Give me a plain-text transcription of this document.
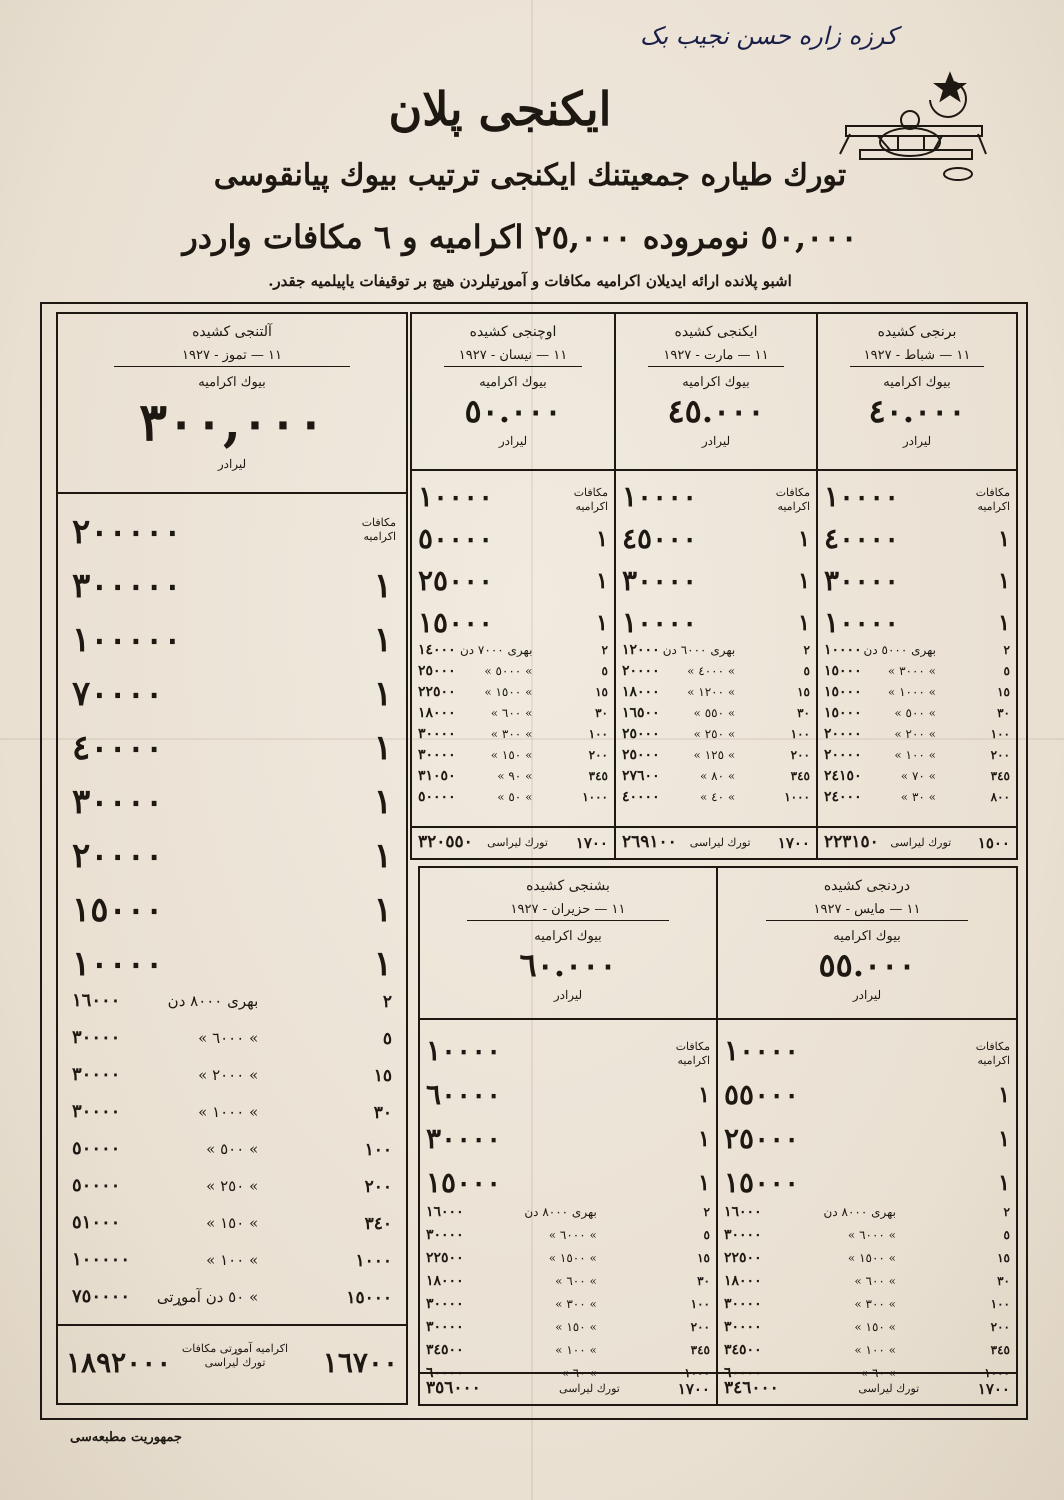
کرزه زاره حسن نجیب بک
ایکنجی پلان
تورك طیاره جمعیتنك ایکنجی ترتیب بیوك پیانقوسی
٥٠,٠٠٠ نومروده ٢٥,٠٠٠ اکرامیه و ٦ مکافات واردر
اشبو پلانده ارائه ایدیلان اکرامیه مکافات و آموړتیلردن هیچ بر توقیفات یاپیلمیه جقدر.
آلتنجی کشیده
١١ — تموز - ١٩٢٧
بیوك اکرامیه
٣٠٠,٠٠٠
لیرادر
مکافات اکرامیه
٢٠٠٠٠٠
١
٣٠٠٠٠٠
١
١٠٠٠٠٠
١
٧٠٠٠٠
١
٤٠٠٠٠
١
٣٠٠٠٠
١
٢٠٠٠٠
١
١٥٠٠٠
١
١٠٠٠٠
٢
بهری ٨٠٠٠ دن
١٦٠٠٠
٥
» ٦٠٠٠ »
٣٠٠٠٠
١٥
» ٢٠٠٠ »
٣٠٠٠٠
٣٠
» ١٠٠٠ »
٣٠٠٠٠
١٠٠
» ٥٠٠ »
٥٠٠٠٠
٢٠٠
» ٢٥٠ »
٥٠٠٠٠
٣٤٠
» ١٥٠ »
٥١٠٠٠
١٠٠٠
» ١٠٠ »
١٠٠٠٠٠
١٥٠٠٠
» ٥٠ دن آموړتی
٧٥٠٠٠٠
١٦٧٠٠
اکرامیه آموړتی مکافات تورك لیراسی
١٨٩٢٠٠٠
برنجی کشیده
١١ — شباط - ١٩٢٧
بیوك اکرامیه
٤٠.٠٠٠
لیرادر
مکافات اکرامیه
١٠٠٠٠
١
٤٠٠٠٠
١
٣٠٠٠٠
١
١٠٠٠٠
٢
بهری ٥٠٠٠ دن
١٠٠٠٠
٥
» ٣٠٠٠ »
١٥٠٠٠
١٥
» ١٠٠٠ »
١٥٠٠٠
٣٠
» ٥٠٠ »
١٥٠٠٠
١٠٠
» ٢٠٠ »
٢٠٠٠٠
٢٠٠
» ١٠٠ »
٢٠٠٠٠
٣٤٥
» ٧٠ »
٢٤١٥٠
٨٠٠
» ٣٠ »
٢٤٠٠٠
١٥٠٠
تورك لیراسی
٢٢٣١٥٠
ایکنجی کشیده
١١ — مارت - ١٩٢٧
بیوك اکرامیه
٤٥.٠٠٠
لیرادر
مکافات اکرامیه
١٠٠٠٠
١
٤٥٠٠٠
١
٣٠٠٠٠
١
١٠٠٠٠
٢
بهری ٦٠٠٠ دن
١٢٠٠٠
٥
» ٤٠٠٠ »
٢٠٠٠٠
١٥
» ١٢٠٠ »
١٨٠٠٠
٣٠
» ٥٥٠ »
١٦٥٠٠
١٠٠
» ٢٥٠ »
٢٥٠٠٠
٢٠٠
» ١٢٥ »
٢٥٠٠٠
٣٤٥
» ٨٠ »
٢٧٦٠٠
١٠٠٠
» ٤٠ »
٤٠٠٠٠
١٧٠٠
تورك لیراسی
٢٦٩١٠٠
اوچنجی کشیده
١١ — نیسان - ١٩٢٧
بیوك اکرامیه
٥٠.٠٠٠
لیرادر
مکافات اکرامیه
١٠٠٠٠
١
٥٠٠٠٠
١
٢٥٠٠٠
١
١٥٠٠٠
٢
بهری ٧٠٠٠ دن
١٤٠٠٠
٥
» ٥٠٠٠ »
٢٥٠٠٠
١٥
» ١٥٠٠ »
٢٢٥٠٠
٣٠
» ٦٠٠ »
١٨٠٠٠
١٠٠
» ٣٠٠ »
٣٠٠٠٠
٢٠٠
» ١٥٠ »
٣٠٠٠٠
٣٤٥
» ٩٠ »
٣١٠٥٠
١٠٠٠
» ٥٠ »
٥٠٠٠٠
١٧٠٠
تورك لیراسی
٣٢٠٥٥٠
دردنجی کشیده
١١ — مایس - ١٩٢٧
بیوك اکرامیه
٥٥.٠٠٠
لیرادر
مکافات اکرامیه
١٠٠٠٠
١
٥٥٠٠٠
١
٢٥٠٠٠
١
١٥٠٠٠
٢
بهری ٨٠٠٠ دن
١٦٠٠٠
٥
» ٦٠٠٠ »
٣٠٠٠٠
١٥
» ١٥٠٠ »
٢٢٥٠٠
٣٠
» ٦٠٠ »
١٨٠٠٠
١٠٠
» ٣٠٠ »
٣٠٠٠٠
٢٠٠
» ١٥٠ »
٣٠٠٠٠
٣٤٥
» ١٠٠ »
٣٤٥٠٠
١٠٠٠
» ٦٠ »
٦٠٠٠٠
١٧٠٠
تورك لیراسی
٣٤٦٠٠٠
بشنجی کشیده
١١ — حزیران - ١٩٢٧
بیوك اکرامیه
٦٠.٠٠٠
لیرادر
مکافات اکرامیه
١٠٠٠٠
١
٦٠٠٠٠
١
٣٠٠٠٠
١
١٥٠٠٠
٢
بهری ٨٠٠٠ دن
١٦٠٠٠
٥
» ٦٠٠٠ »
٣٠٠٠٠
١٥
» ١٥٠٠ »
٢٢٥٠٠
٣٠
» ٦٠٠ »
١٨٠٠٠
١٠٠
» ٣٠٠ »
٣٠٠٠٠
٢٠٠
» ١٥٠ »
٣٠٠٠٠
٣٤٥
» ١٠٠ »
٣٤٥٠٠
١٠٠٠
» ٦٠ »
٦٠٠٠٠
١٧٠٠
تورك لیراسی
٣٥٦٠٠٠
جمهوریت مطبعه‌سی
